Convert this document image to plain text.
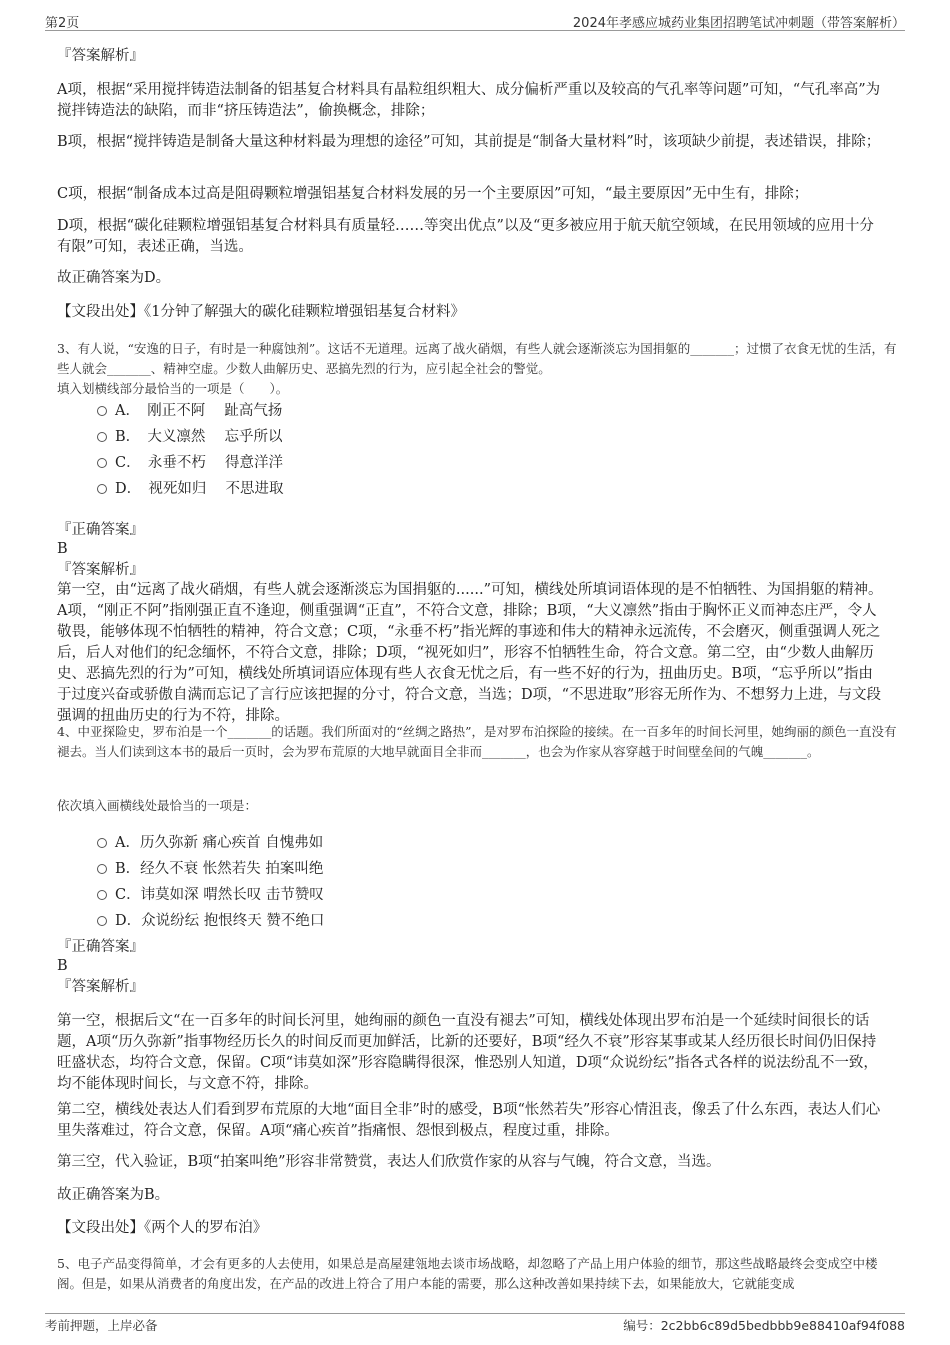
第2页	2024年孝感应城药业集团招聘笔试冲刺题（带答案解析）

『答案解析』

A项，根据“采用搅拌铸造法制备的铝基复合材料具有晶粒组织粗大、成分偏析严重以及较高的气孔率等问题”可知，“气孔率高”为搅拌铸造法的缺陷，而非“挤压铸造法”，偷换概念，排除；

B项，根据“搅拌铸造是制备大量这种材料最为理想的途径”可知，其前提是“制备大量材料”时，该项缺少前提，表述错误，排除；

C项，根据“制备成本过高是阻碍颗粒增强铝基复合材料发展的另一个主要原因”可知，“最主要原因”无中生有，排除；

D项，根据“碳化硅颗粒增强铝基复合材料具有质量轻……等突出优点”以及“更多被应用于航天航空领域，在民用领域的应用十分有限”可知，表述正确，当选。

故正确答案为D。

【文段出处】《1分钟了解强大的碳化硅颗粒增强铝基复合材料》

3、有人说，“安逸的日子，有时是一种腐蚀剂”。这话不无道理。远离了战火硝烟，有些人就会逐渐淡忘为国捐躯的_______；过惯了衣食无忧的生活，有些人就会_______、精神空虚。少数人曲解历史、恶搞先烈的行为，应引起全社会的警觉。

填入划横线部分最恰当的一项是（　　）。

A．　刚正不阿　 趾高气扬
B．　大义凛然　 忘乎所以
C．　永垂不朽　 得意洋洋
D．　视死如归　 不思进取

『正确答案』

B

『答案解析』

第一空，由“远离了战火硝烟，有些人就会逐渐淡忘为国捐躯的......”可知，横线处所填词语体现的是不怕牺牲、为国捐躯的精神。A项，“刚正不阿”指刚强正直不逢迎，侧重强调“正直”，不符合文意，排除；B项，“大义凛然”指由于胸怀正义而神态庄严，令人敬畏，能够体现不怕牺牲的精神，符合文意；C项，“永垂不朽”指光辉的事迹和伟大的精神永远流传，不会磨灭，侧重强调人死之后，后人对他们的纪念缅怀，不符合文意，排除；D项，“视死如归”，形容不怕牺牲生命，符合文意。第二空，由“少数人曲解历史、恶搞先烈的行为”可知，横线处所填词语应体现有些人衣食无忧之后，有一些不好的行为，扭曲历史。B项，“忘乎所以”指由于过度兴奋或骄傲自满而忘记了言行应该把握的分寸，符合文意，当选；D项，“不思进取”形容无所作为、不想努力上进，与文段强调的扭曲历史的行为不符，排除。

4、中亚探险史，罗布泊是一个_______的话题。我们所面对的“丝绸之路热”，是对罗布泊探险的接续。在一百多年的时间长河里，她绚丽的颜色一直没有褪去。当人们读到这本书的最后一页时，会为罗布荒原的大地早就面目全非而_______，也会为作家从容穿越于时间壁垒间的气魄_______。

依次填入画横线处最恰当的一项是：

A．历久弥新 痛心疾首 自愧弗如
B．经久不衰 怅然若失 拍案叫绝
C．讳莫如深 喟然长叹 击节赞叹
D．众说纷纭 抱恨终天 赞不绝口

『正确答案』

B

『答案解析』

第一空，根据后文“在一百多年的时间长河里，她绚丽的颜色一直没有褪去”可知，横线处体现出罗布泊是一个延续时间很长的话题，A项“历久弥新”指事物经历长久的时间反而更加鲜活，比新的还要好，B项“经久不衰”形容某事或某人经历很长时间仍旧保持旺盛状态，均符合文意，保留。C项“讳莫如深”形容隐瞒得很深，惟恐别人知道，D项“众说纷纭”指各式各样的说法纷乱不一致，均不能体现时间长，与文意不符，排除。

第二空，横线处表达人们看到罗布荒原的大地“面目全非”时的感受，B项“怅然若失”形容心情沮丧，像丢了什么东西，表达人们心里失落难过，符合文意，保留。A项“痛心疾首”指痛恨、怨恨到极点，程度过重，排除。

第三空，代入验证，B项“拍案叫绝”形容非常赞赏，表达人们欣赏作家的从容与气魄，符合文意，当选。

故正确答案为B。

【文段出处】《两个人的罗布泊》

5、电子产品变得简单，才会有更多的人去使用，如果总是高屋建瓴地去谈市场战略，却忽略了产品上用户体验的细节，那这些战略最终会变成空中楼阁。但是，如果从消费者的角度出发，在产品的改进上符合了用户本能的需要，那么这种改善如果持续下去，如果能放大，它就能变成

考前押题，上岸必备	编号：2c2bb6c89d5bedbbb9e88410af94f088
